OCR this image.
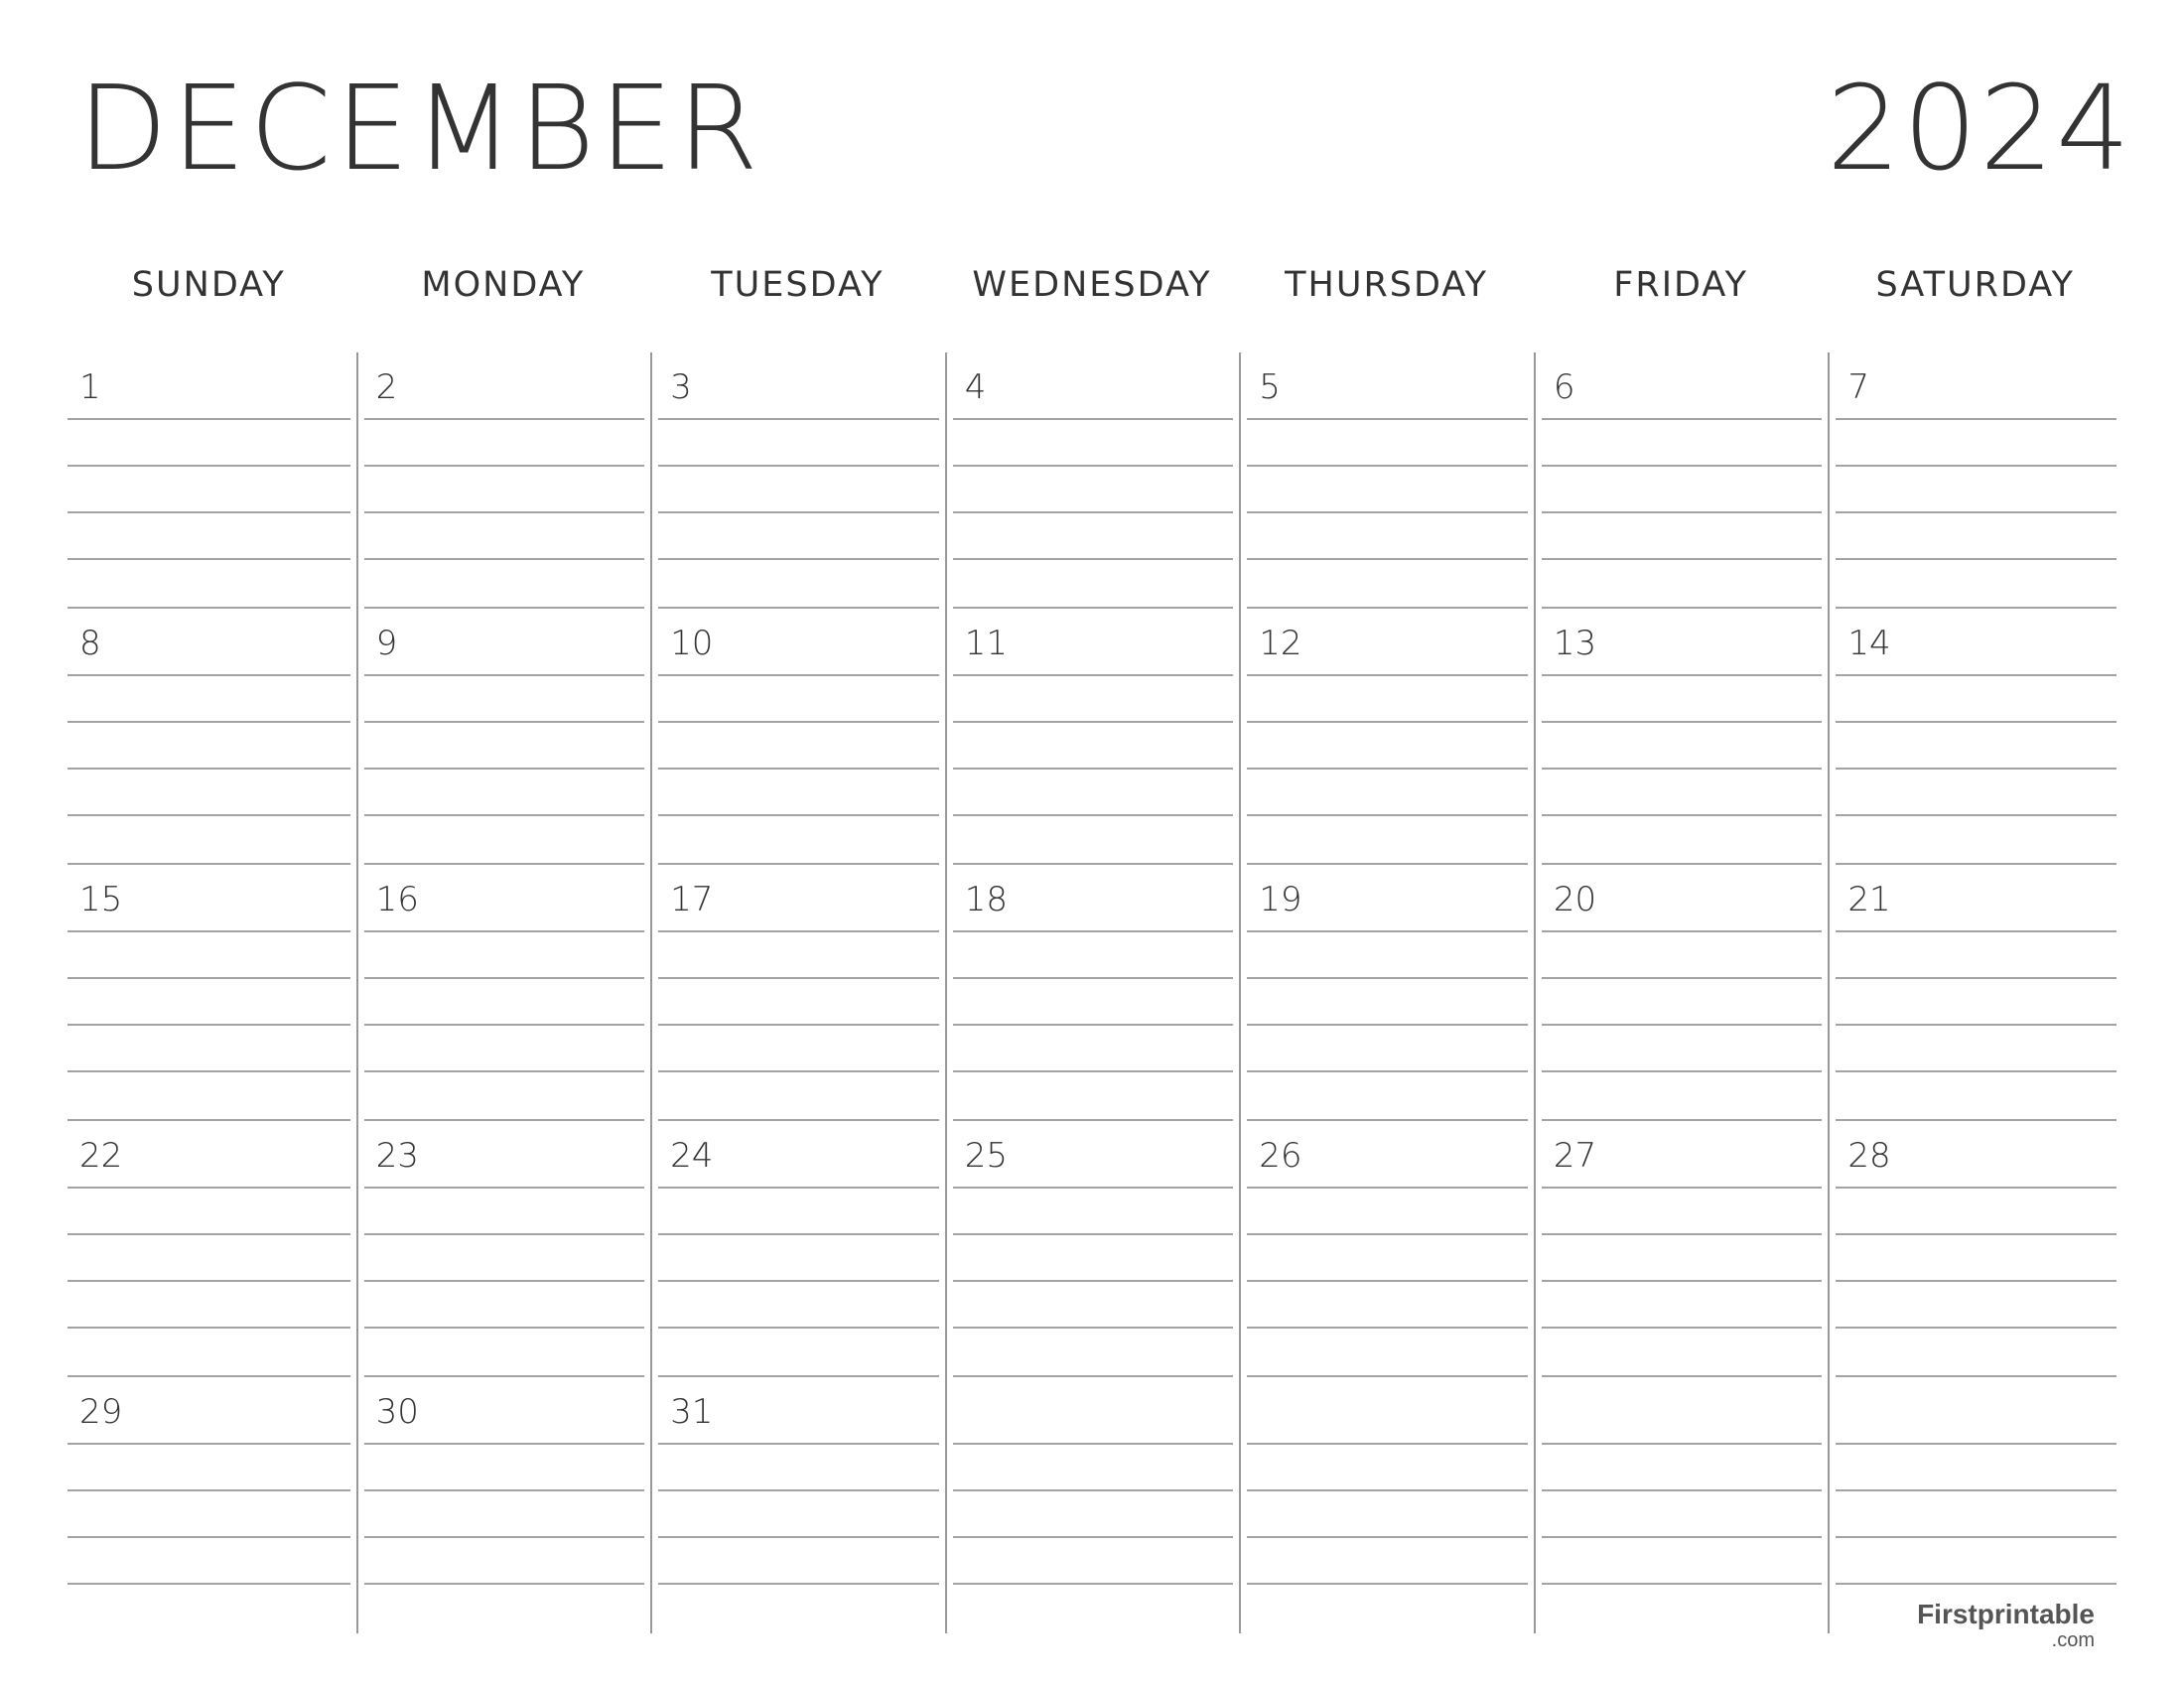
DECEMBER	2024
SUNDAY	MONDAY	TUESDAY	WEDNESDAY	THURSDAY	FRIDAY	SATURDAY
1	2	3	4	5	6	7
8	9	10	11	12	13	14
15	16	17	18	19	20	21
22	23	24	25	26	27	28
29	30	31
Firstprintable
.com
